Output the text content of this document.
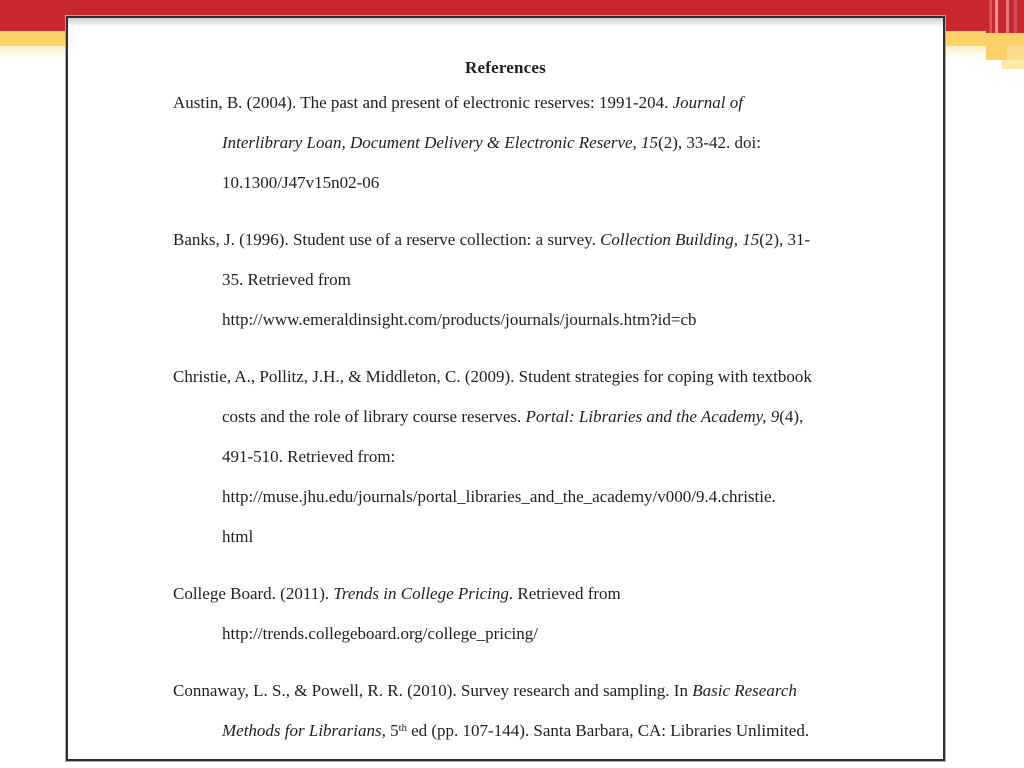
References
Austin, B. (2004). The past and present of electronic reserves: 1991-204. Journal of
Interlibrary Loan, Document Delivery & Electronic Reserve, 15(2), 33-42. doi:
10.1300/J47v15n02-06
Banks, J. (1996). Student use of a reserve collection: a survey. Collection Building, 15(2), 31-
35. Retrieved from
http://www.emeraldinsight.com/products/journals/journals.htm?id=cb
Christie, A., Pollitz, J.H., & Middleton, C. (2009). Student strategies for coping with textbook
costs and the role of library course reserves. Portal: Libraries and the Academy, 9(4),
491-510. Retrieved from:
http://muse.jhu.edu/journals/portal_libraries_and_the_academy/v000/9.4.christie.
html
College Board. (2011). Trends in College Pricing. Retrieved from
http://trends.collegeboard.org/college_pricing/
Connaway, L. S., & Powell, R. R. (2010). Survey research and sampling. In Basic Research
Methods for Librarians, 5th ed (pp. 107-144). Santa Barbara, CA: Libraries Unlimited.
